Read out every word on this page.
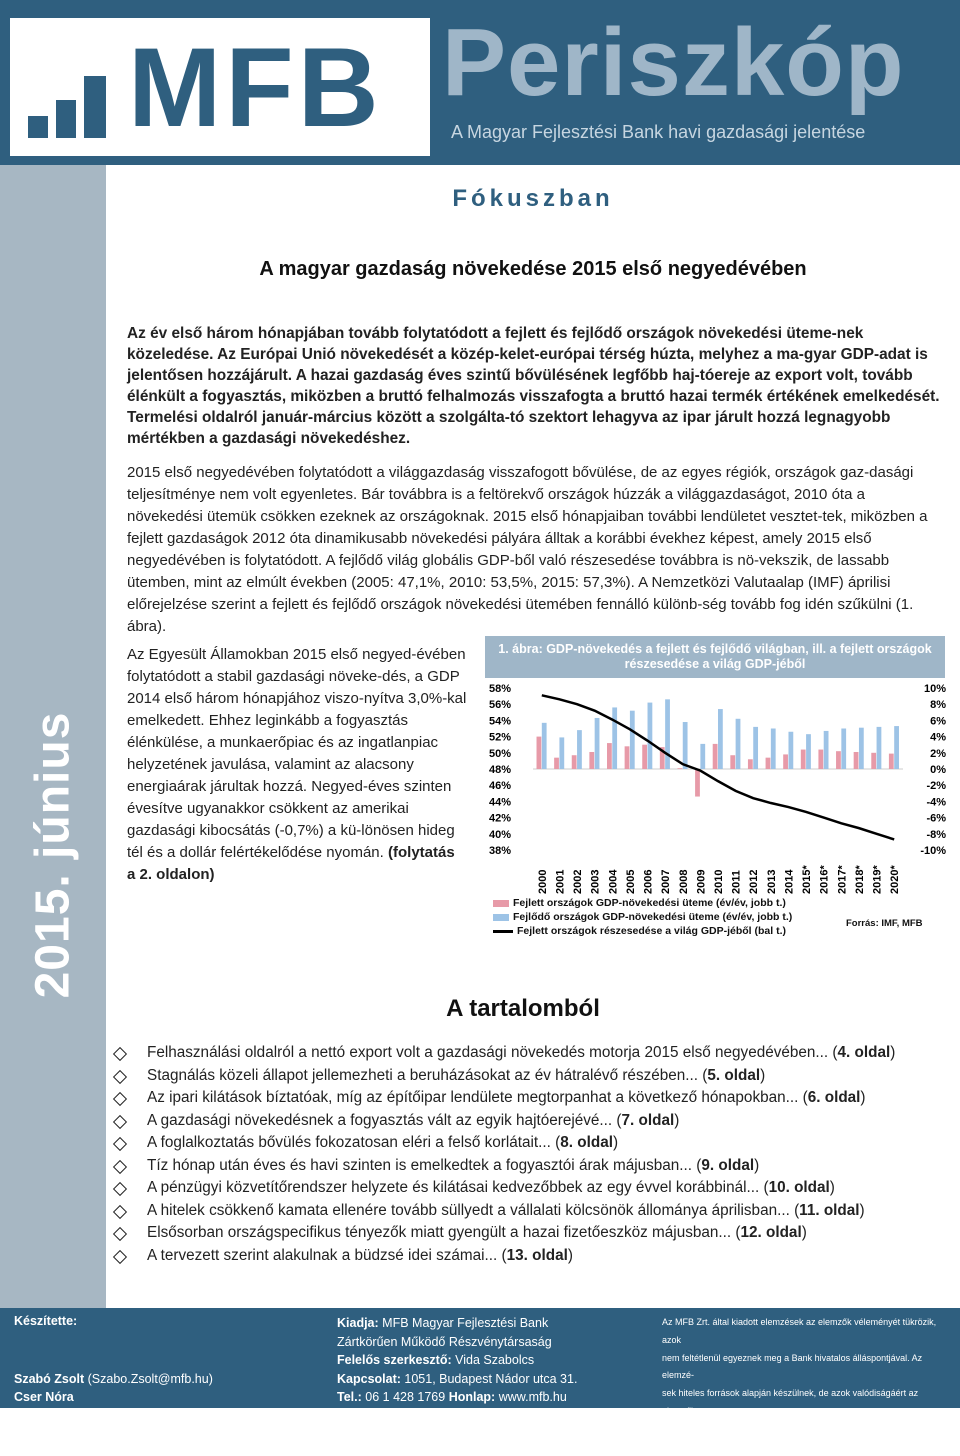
MFB Periszkóp
A Magyar Fejlesztési Bank havi gazdasági jelentése
2015. június
Fókuszban
A magyar gazdaság növekedése 2015 első negyedévében
Az év első három hónapjában tovább folytatódott a fejlett és fejlődő országok növekedési üteme-nek közeledése. Az Európai Unió növekedését a közép-kelet-európai térség húzta, melyhez a ma-gyar GDP-adat is jelentősen hozzájárult. A hazai gazdaság éves szintű bővülésének legfőbb haj-tóereje az export volt, tovább élénkült a fogyasztás, miközben a bruttó felhalmozás visszafogta a bruttó hazai termék értékének emelkedését. Termelési oldalról január-március között a szolgálta-tó szektort lehagyva az ipar járult hozzá legnagyobb mértékben a gazdasági növekedéshez.
2015 első negyedévében folytatódott a világgazdaság visszafogott bővülése, de az egyes régiók, országok gaz-dasági teljesítménye nem volt egyenletes. Bár továbbra is a feltörekvő országok húzzák a világgazdaságot, 2010 óta a növekedési ütemük csökken ezeknek az országoknak. 2015 első hónapjaiban további lendületet vesztet-tek, miközben a fejlett gazdaságok 2012 óta dinamikusabb növekedési pályára álltak a korábbi évekhez képest, amely 2015 első negyedévében is folytatódott. A fejlődő világ globális GDP-ből való részesedése továbbra is nö-vekszik, de lassabb ütemben, mint az elmúlt években (2005: 47,1%, 2010: 53,5%, 2015: 57,3%). A Nemzetközi Valutaalap (IMF) áprilisi előrejelzése szerint a fejlett és fejlődő országok növekedési ütemében fennálló különb-ség tovább fog idén szűkülni (1. ábra).
Az Egyesült Államokban 2015 első negyed-évében folytatódott a stabil gazdasági növeke-dés, a GDP 2014 első három hónapjához viszo-nyítva 3,0%-kal emelkedett. Ehhez leginkább a fogyasztás élénkülése, a munkaerőpiac és az ingatlanpiac helyzetének javulása, valamint az alacsony energiaárak járultak hozzá. Negyed-éves szinten évesítve ugyanakkor csökkent az amerikai gazdasági kibocsátás (-0,7%) a kü-lönösen hideg tél és a dollár felértékelődése nyomán. (folytatás a 2. oldalon)
1. ábra: GDP-növekedés a fejlett és fejlődő világban, ill. a fejlett országok részesedése a világ GDP-jéből
58%
56%
54%
52%
50%
48%
46%
44%
42%
40%
38%
10%
8%
6%
4%
2%
0%
-2%
-4%
-6%
-8%
-10%
2000 2001 2002 2003 2004 2005 2006 2007 2008 2009 2010 2011 2012 2013 2014 2015* 2016* 2017* 2018* 2019* 2020*
Fejlett országok GDP-növekedési üteme (év/év, jobb t.)
Fejlődő országok GDP-növekedési üteme (év/év, jobb t.)
Fejlett országok részesedése a világ GDP-jéből (bal t.)
Forrás: IMF, MFB
A tartalomból
Felhasználási oldalról a nettó export volt a gazdasági növekedés motorja 2015 első negyedévében... (4. oldal)
Stagnálás közeli állapot jellemezheti a beruházásokat az év hátralévő részében... (5. oldal)
Az ipari kilátások bíztatóak, míg az építőipar lendülete megtorpanhat a következő hónapokban... (6. oldal)
A gazdasági növekedésnek a fogyasztás vált az egyik hajtóerejévé... (7. oldal)
A foglalkoztatás bővülés fokozatosan eléri a felső korlátait... (8. oldal)
Tíz hónap után éves és havi szinten is emelkedtek a fogyasztói árak májusban... (9. oldal)
A pénzügyi közvetítőrendszer helyzete és kilátásai kedvezőbbek az egy évvel korábbinál... (10. oldal)
A hitelek csökkenő kamata ellenére tovább süllyedt a vállalati kölcsönök állománya áprilisban... (11. oldal)
Elsősorban országspecifikus tényezők miatt gyengült a hazai fizetőeszköz májusban... (12. oldal)
A tervezett szerint alakulnak a büdzsé idei számai... (13. oldal)
Készítette:
Szabó Zsolt (Szabo.Zsolt@mfb.hu)
Cser Nóra
Kiadja: MFB Magyar Fejlesztési Bank
Zártkörűen Működő Részvénytársaság
Felelős szerkesztő: Vida Szabolcs
Kapcsolat: 1051, Budapest Nádor utca 31.
Tel.: 06 1 428 1769 Honlap: www.mfb.hu
Az MFB Zrt. által kiadott elemzések az elemzők véleményét tükrözik, azok
nem feltétlenül egyeznek meg a Bank hivatalos álláspontjával. Az elemzé-
sek hiteles források alapján készülnek, de azok valódiságáért az elemzők
nem vállalnak felelősséget. Az előrejelzések teljesüléséért sem az elem-
zők, sem az MFB Zrt. nem vállal felelősséget.
